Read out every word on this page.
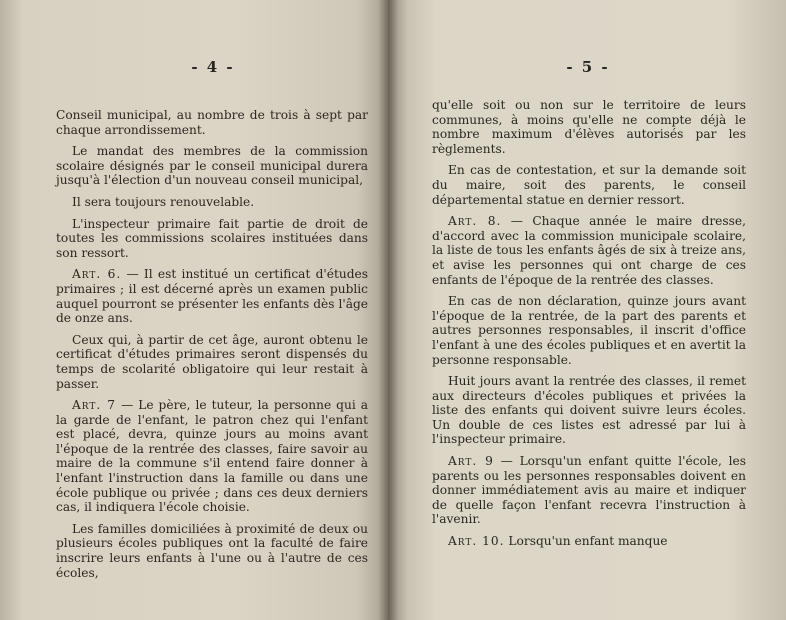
- 4 -

Conseil municipal, au nombre de trois à sept par chaque arrondissement.

Le mandat des membres de la commission scolaire désignés par le conseil municipal durera jusqu'à l'élection d'un nouveau conseil municipal,

Il sera toujours renouvelable.

L'inspecteur primaire fait partie de droit de toutes les commissions scolaires instituées dans son ressort.

Art. 6. — Il est institué un certificat d'études primaires ; il est décerné après un examen public auquel pourront se présenter les enfants dès l'âge de onze ans.

Ceux qui, à partir de cet âge, auront obtenu le certificat d'études primaires seront dispensés du temps de scolarité obligatoire qui leur restait à passer.

Art. 7 — Le père, le tuteur, la personne qui a la garde de l'enfant, le patron chez qui l'enfant est placé, devra, quinze jours au moins avant l'époque de la rentrée des classes, faire savoir au maire de la commune s'il entend faire donner à l'enfant l'instruction dans la famille ou dans une école publique ou privée ; dans ces deux derniers cas, il indiquera l'école choisie.

Les familles domiciliées à proximité de deux ou plusieurs écoles publiques ont la faculté de faire inscrire leurs enfants à l'une ou à l'autre de ces écoles,

- 5 -

qu'elle soit ou non sur le territoire de leurs communes, à moins qu'elle ne compte déjà le nombre maximum d'élèves autorisés par les règlements.

En cas de contestation, et sur la demande soit du maire, soit des parents, le conseil départemental statue en dernier ressort.

Art. 8. — Chaque année le maire dresse, d'accord avec la commission municipale scolaire, la liste de tous les enfants âgés de six à treize ans, et avise les personnes qui ont charge de ces enfants de l'époque de la rentrée des classes.

En cas de non déclaration, quinze jours avant l'époque de la rentrée, de la part des parents et autres personnes responsables, il inscrit d'office l'enfant à une des écoles publiques et en avertit la personne responsable.

Huit jours avant la rentrée des classes, il remet aux directeurs d'écoles publiques et privées la liste des enfants qui doivent suivre leurs écoles. Un double de ces listes est adressé par lui à l'inspecteur primaire.

Art. 9 — Lorsqu'un enfant quitte l'école, les parents ou les personnes responsables doivent en donner immédiatement avis au maire et indiquer de quelle façon l'enfant recevra l'instruction à l'avenir.

Art. 10. Lorsqu'un enfant manque
